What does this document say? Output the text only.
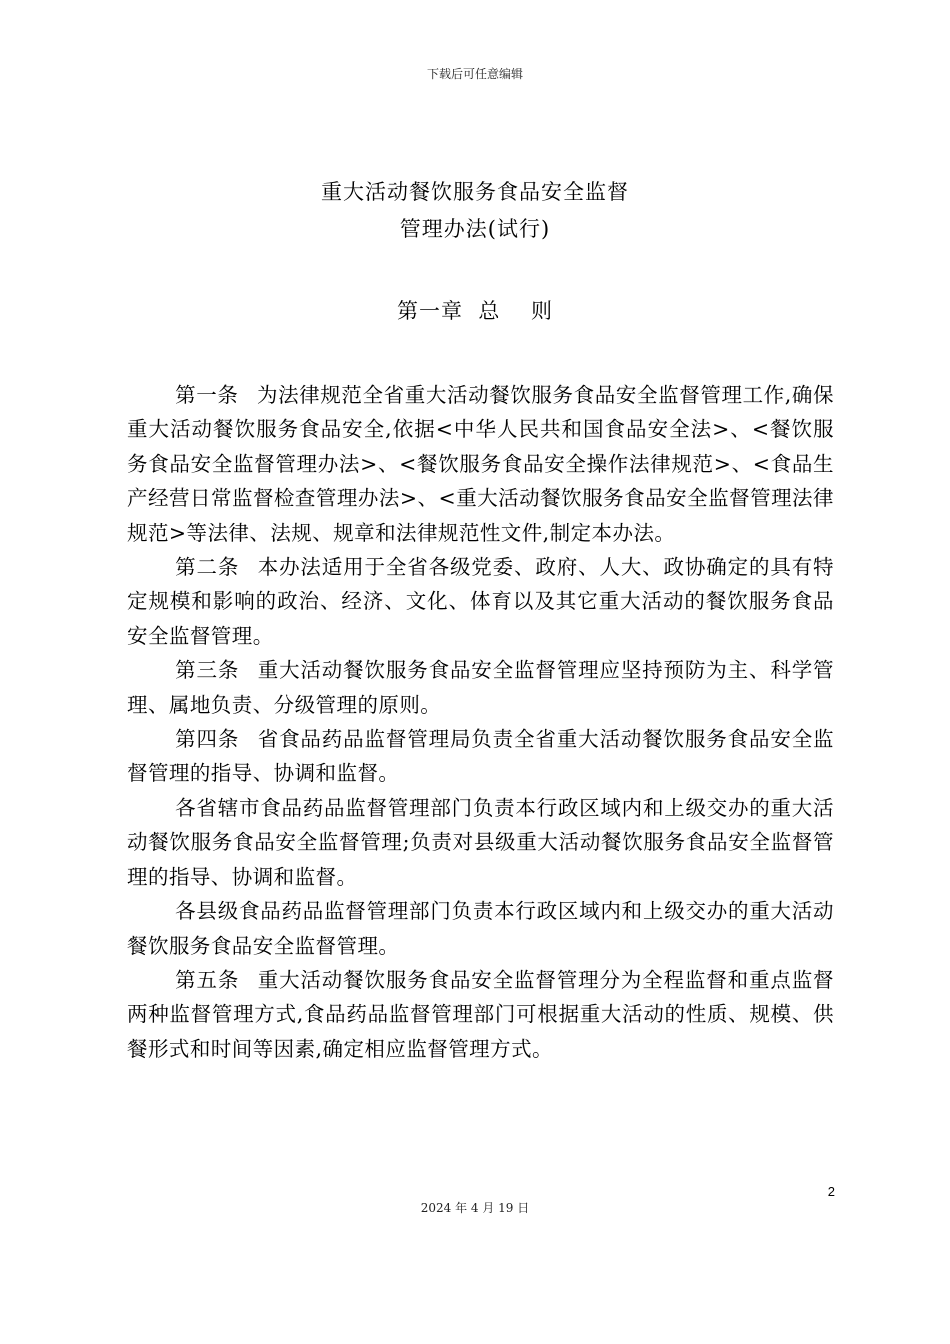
下载后可任意编辑
重大活动餐饮服务食品安全监督
管理办法(试行)
第一章  总    则

第一条 为法律规范全省重大活动餐饮服务食品安全监督管理工作,确保重大活动餐饮服务食品安全,依据<中华人民共和国食品安全法>、<餐饮服务食品安全监督管理办法>、<餐饮服务食品安全操作法律规范>、<食品生产经营日常监督检查管理办法>、<重大活动餐饮服务食品安全监督管理法律规范>等法律、法规、规章和法律规范性文件,制定本办法。

第二条 本办法适用于全省各级党委、政府、人大、政协确定的具有特定规模和影响的政治、经济、文化、体育以及其它重大活动的餐饮服务食品安全监督管理。

第三条 重大活动餐饮服务食品安全监督管理应坚持预防为主、科学管理、属地负责、分级管理的原则。

第四条 省食品药品监督管理局负责全省重大活动餐饮服务食品安全监督管理的指导、协调和监督。

各省辖市食品药品监督管理部门负责本行政区域内和上级交办的重大活动餐饮服务食品安全监督管理;负责对县级重大活动餐饮服务食品安全监督管理的指导、协调和监督。

各县级食品药品监督管理部门负责本行政区域内和上级交办的重大活动餐饮服务食品安全监督管理。

第五条 重大活动餐饮服务食品安全监督管理分为全程监督和重点监督两种监督管理方式,食品药品监督管理部门可根据重大活动的性质、规模、供餐形式和时间等因素,确定相应监督管理方式。

2
2024 年 4 月 19 日
